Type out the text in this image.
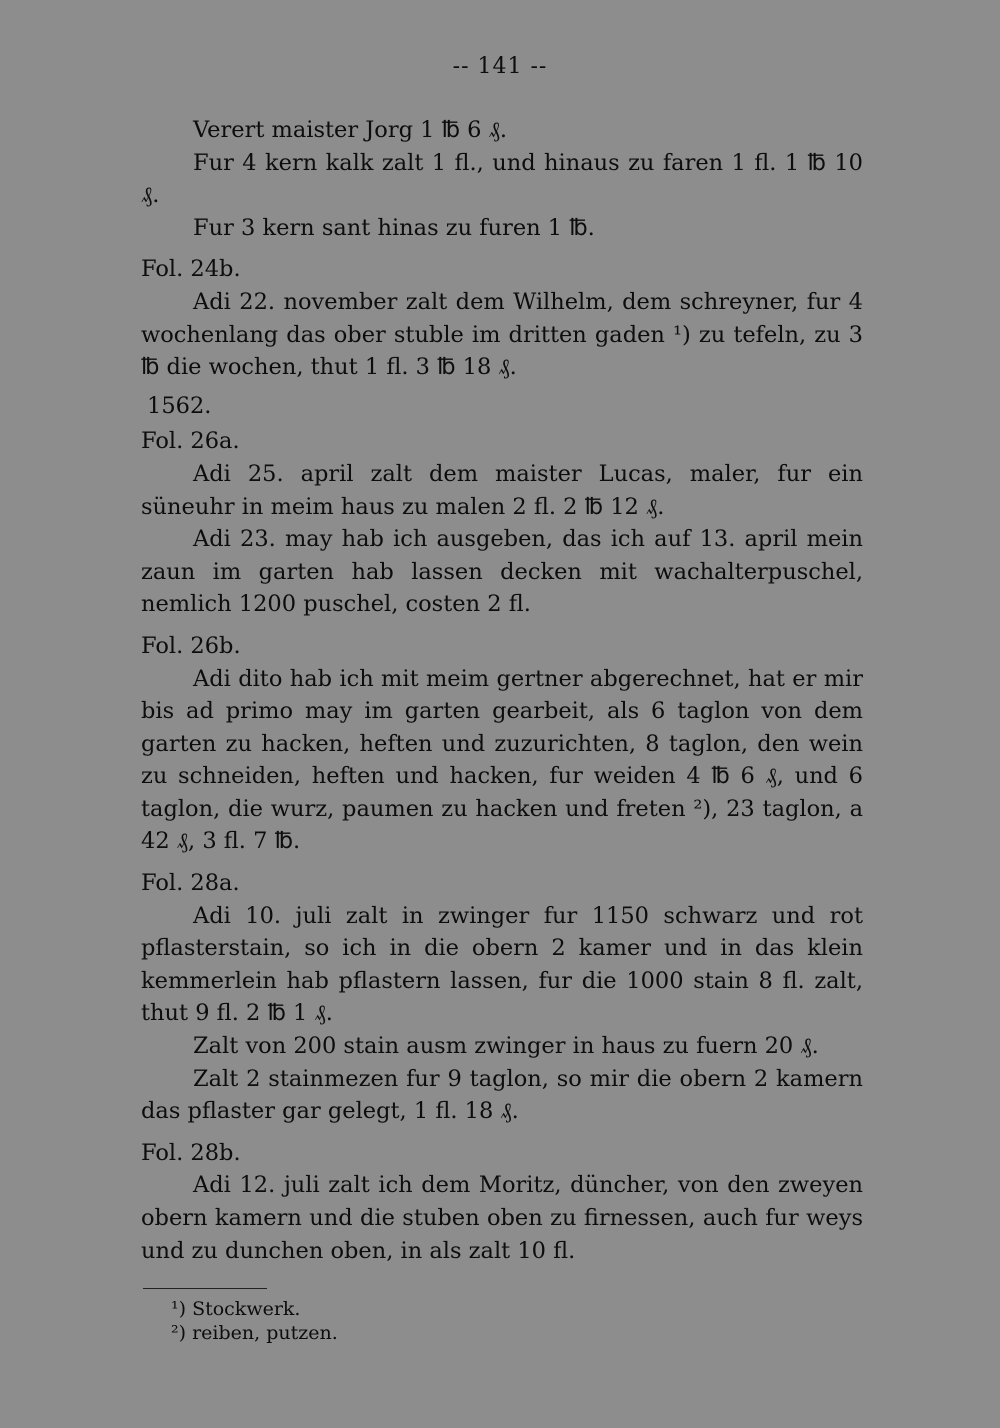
-- 141 --

Verert maister Jorg 1 ℔ 6 ₰.

Fur 4 kern kalk zalt 1 fl., und hinaus zu faren 1 fl. 1 ℔ 10 ₰.

Fur 3 kern sant hinas zu furen 1 ℔.

Fol. 24b.

Adi 22. november zalt dem Wilhelm, dem schreyner, fur 4 wochenlang das ober stuble im dritten gaden ¹) zu tefeln, zu 3 ℔ die wochen, thut 1 fl. 3 ℔ 18 ₰.

1562.

Fol. 26a.

Adi 25. april zalt dem maister Lucas, maler, fur ein süneuhr in meim haus zu malen 2 fl. 2 ℔ 12 ₰.

Adi 23. may hab ich ausgeben, das ich auf 13. april mein zaun im garten hab lassen decken mit wachalterpuschel, nemlich 1200 puschel, costen 2 fl.

Fol. 26b.

Adi dito hab ich mit meim gertner abgerechnet, hat er mir bis ad primo may im garten gearbeit, als 6 taglon von dem garten zu hacken, heften und zuzurichten, 8 taglon, den wein zu schneiden, heften und hacken, fur weiden 4 ℔ 6 ₰, und 6 taglon, die wurz, paumen zu hacken und freten ²), 23 taglon, a 42 ₰, 3 fl. 7 ℔.

Fol. 28a.

Adi 10. juli zalt in zwinger fur 1150 schwarz und rot pflasterstain, so ich in die obern 2 kamer und in das klein kemmerlein hab pflastern lassen, fur die 1000 stain 8 fl. zalt, thut 9 fl. 2 ℔ 1 ₰.

Zalt von 200 stain ausm zwinger in haus zu fuern 20 ₰.

Zalt 2 stainmezen fur 9 taglon, so mir die obern 2 kamern das pflaster gar gelegt, 1 fl. 18 ₰.

Fol. 28b.

Adi 12. juli zalt ich dem Moritz, düncher, von den zweyen obern kamern und die stuben oben zu firnessen, auch fur weys und zu dunchen oben, in als zalt 10 fl.

¹) Stockwerk.

²) reiben, putzen.
